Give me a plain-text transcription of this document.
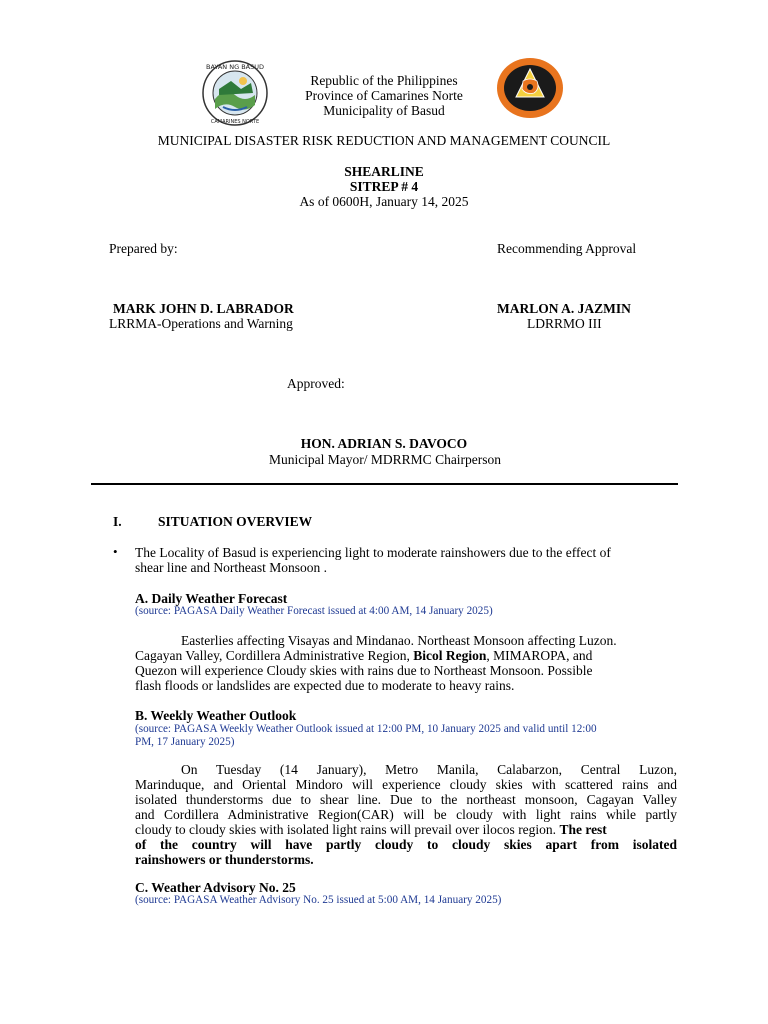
BAYAN NG BASUD
CAMARINES NORTE
Republic of the Philippines
Province of Camarines Norte
Municipality of Basud
MUNICIPAL DISASTER RISK REDUCTION AND MANAGEMENT COUNCIL
SHEARLINE
SITREP # 4
As of 0600H, January 14, 2025
Prepared by:	Recommending Approval
MARK JOHN D. LABRADOR
LRRMA-Operations and Warning
MARLON A. JAZMIN
LDRRMO III
Approved:
HON. ADRIAN S. DAVOCO
Municipal Mayor/ MDRRMC Chairperson
I.	SITUATION OVERVIEW
• The Locality of Basud is experiencing light to moderate rainshowers due to the effect of
shear line and Northeast Monsoon .
A. Daily Weather Forecast
(source: PAGASA Daily Weather Forecast issued at 4:00 AM, 14 January 2025)
Easterlies affecting Visayas and Mindanao. Northeast Monsoon affecting Luzon.
Cagayan Valley, Cordillera Administrative Region, Bicol Region, MIMAROPA, and
Quezon will experience Cloudy skies with rains due to Northeast Monsoon. Possible
flash floods or landslides are expected due to moderate to heavy rains.
B. Weekly Weather Outlook
(source: PAGASA Weekly Weather Outlook issued at 12:00 PM, 10 January 2025 and valid until 12:00
PM, 17 January 2025)
On Tuesday (14 January), Metro Manila, Calabarzon, Central Luzon,
Marinduque, and Oriental Mindoro will experience cloudy skies with scattered rains and
isolated thunderstorms due to shear line. Due to the northeast monsoon, Cagayan Valley
and Cordillera Administrative Region(CAR) will be cloudy with light rains while partly
cloudy to cloudy skies with isolated light rains will prevail over ilocos region. The rest
of the country will have partly cloudy to cloudy skies apart from isolated
rainshowers or thunderstorms.
C. Weather Advisory No. 25
(source: PAGASA Weather Advisory No. 25 issued at 5:00 AM, 14 January 2025)
